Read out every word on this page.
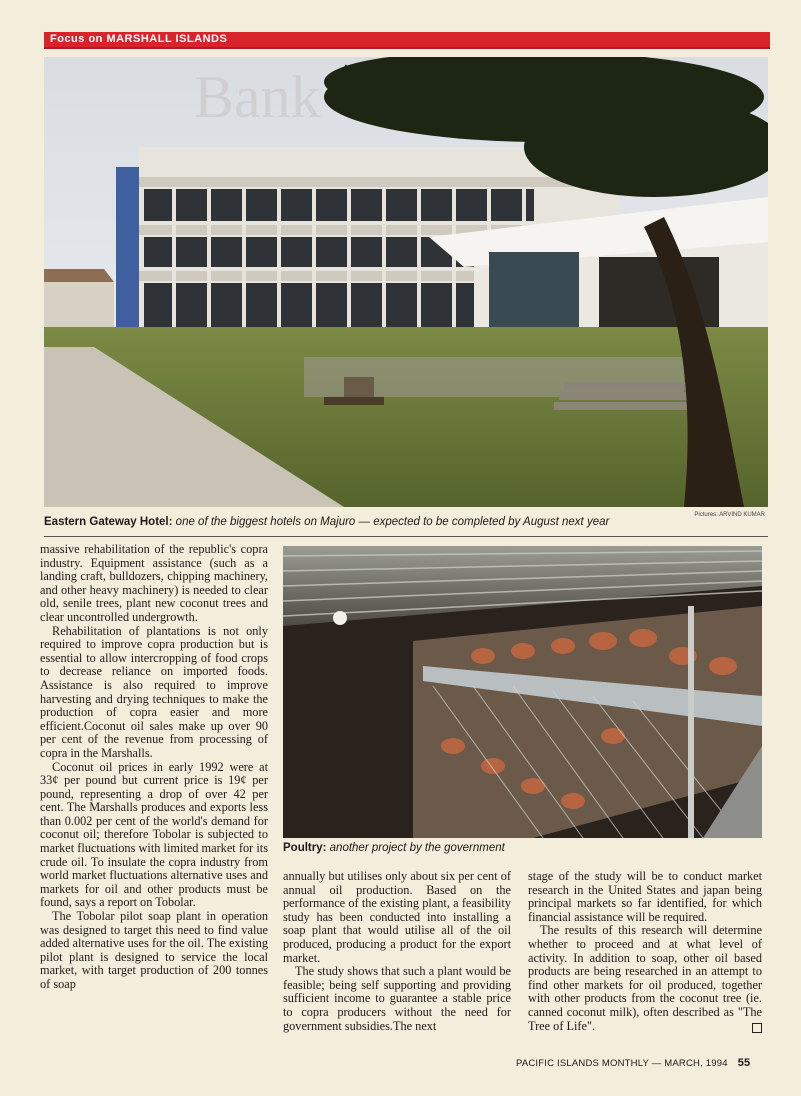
Focus on MARSHALL ISLANDS
Bank
Pictures: ARVIND KUMAR
Eastern Gateway Hotel: one of the biggest hotels on Majuro — expected to be completed by August next year

massive rehabilitation of the republic's copra industry. Equipment assistance (such as a landing craft, bulldozers, chipping machinery, and other heavy machinery) is needed to clear old, senile trees, plant new coconut trees and clear uncontrolled undergrowth.

Rehabilitation of plantations is not only required to improve copra production but is essential to allow intercropping of food crops to decrease reliance on imported foods. Assistance is also required to improve harvesting and drying techniques to make the production of copra easier and more efficient.Coconut oil sales make up over 90 per cent of the revenue from processing of copra in the Marshalls.

Coconut oil prices in early 1992 were at 33¢ per pound but current price is 19¢ per pound, representing a drop of over 42 per cent. The Marshalls produces and exports less than 0.002 per cent of the world's demand for coconut oil; therefore Tobolar is subjected to market fluctuations with limited market for its crude oil. To insulate the copra industry from world market fluctuations alternative uses and markets for oil and other products must be found, says a report on Tobolar.

The Tobolar pilot soap plant in operation was designed to target this need to find value added alternative uses for the oil. The existing pilot plant is designed to service the local market, with target production of 200 tonnes of soap

Poultry: another project by the government

annually but utilises only about six per cent of annual oil production. Based on the performance of the existing plant, a feasibility study has been conducted into installing a soap plant that would utilise all of the oil produced, producing a product for the export market.

The study shows that such a plant would be feasible; being self supporting and providing sufficient income to guarantee a stable price to copra producers without the need for government subsidies.The next

stage of the study will be to conduct market research in the United States and japan being principal markets so far identified, for which financial assistance will be required.

The results of this research will determine whether to proceed and at what level of activity. In addition to soap, other oil based products are being researched in an attempt to find other markets for oil produced, together with other products from the coconut tree (ie. canned coconut milk), often described as "The Tree of Life".

PACIFIC ISLANDS MONTHLY — MARCH, 1994 55
